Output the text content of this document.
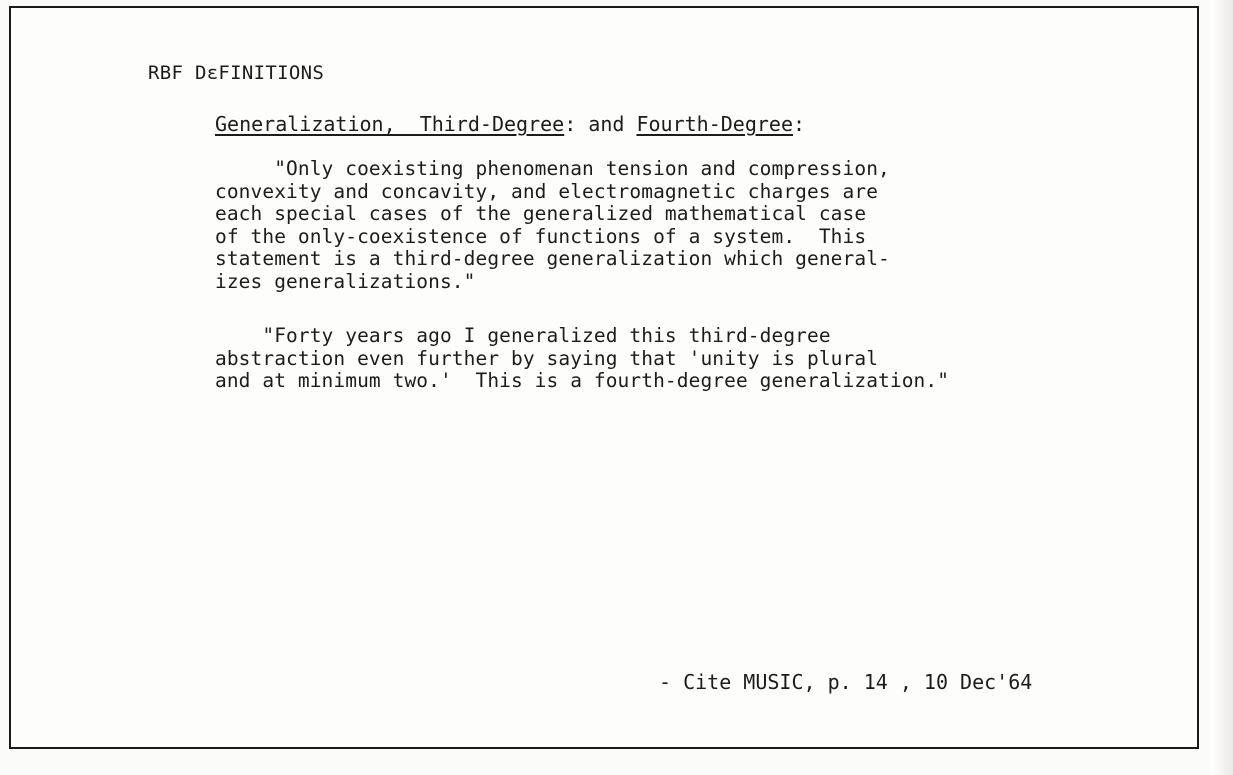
RBF DεFINITIONS
Generalization,  Third-Degree: and Fourth-Degree:
"Only coexisting phenomenan tension and compression,
convexity and concavity, and electromagnetic charges are
each special cases of the generalized mathematical case
of the only-coexistence of functions of a system.  This
statement is a third-degree generalization which general-
izes generalizations."
"Forty years ago I generalized this third-degree
abstraction even further by saying that 'unity is plural
and at minimum two.'  This is a fourth-degree generalization."
- Cite MUSIC, p. 14 , 10 Dec'64
